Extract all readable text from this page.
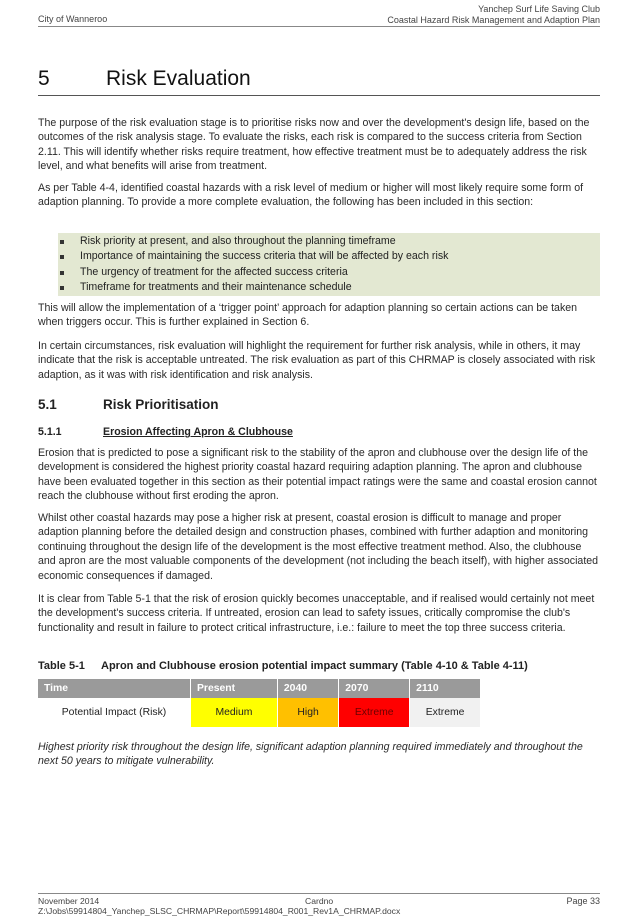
City of Wanneroo
Yanchep Surf Life Saving Club
Coastal Hazard Risk Management and Adaption Plan
5	Risk Evaluation

The purpose of the risk evaluation stage is to prioritise risks now and over the development's design life, based on the outcomes of the risk analysis stage. To evaluate the risks, each risk is compared to the success criteria from Section 2.11. This will identify whether risks require treatment, how effective treatment must be to adequately address the risk level, and what benefits will arise from treatment.

As per Table 4-4, identified coastal hazards with a risk level of medium or higher will most likely require some form of adaption planning. To provide a more complete evaluation, the following has been included in this section:

Risk priority at present, and also throughout the planning timeframe
Importance of maintaining the success criteria that will be affected by each risk
The urgency of treatment for the affected success criteria
Timeframe for treatments and their maintenance schedule

This will allow the implementation of a ‘trigger point’ approach for adaption planning so certain actions can be taken when triggers occur. This is further explained in Section 6.

In certain circumstances, risk evaluation will highlight the requirement for further risk analysis, while in others, it may indicate that the risk is acceptable untreated. The risk evaluation as part of this CHRMAP is closely associated with risk adaption, as it was with risk identification and risk analysis.

5.1	Risk Prioritisation
5.1.1	Erosion Affecting Apron & Clubhouse

Erosion that is predicted to pose a significant risk to the stability of the apron and clubhouse over the design life of the development is considered the highest priority coastal hazard requiring adaption planning. The apron and clubhouse have been evaluated together in this section as their potential impact ratings were the same and coastal erosion cannot reach the clubhouse without first eroding the apron.

Whilst other coastal hazards may pose a higher risk at present, coastal erosion is difficult to manage and proper adaption planning before the detailed design and construction phases, combined with further adaption and monitoring continuing throughout the design life of the development is the most effective treatment method. Also, the clubhouse and apron are the most valuable components of the development (not including the beach itself), with higher associated economic consequences if damaged.

It is clear from Table 5-1 that the risk of erosion quickly becomes unacceptable, and if realised would certainly not meet the development's success criteria. If untreated, erosion can lead to safety issues, critically compromise the club's functionality and result in failure to protect critical infrastructure, i.e.: failure to meet the top three success criteria.

Table 5-1 Apron and Clubhouse erosion potential impact summary (Table 4-10 & Table 4-11)
Time	Present	2040	2070	2110
Potential Impact (Risk)	Medium	High	Extreme	Extreme

Highest priority risk throughout the design life, significant adaption planning required immediately and throughout the next 50 years to mitigate vulnerability.

November 2014
Z:\Jobs\59914804_Yanchep_SLSC_CHRMAP\Report\59914804_R001_Rev1A_CHRMAP.docx
Cardno	Page 33
